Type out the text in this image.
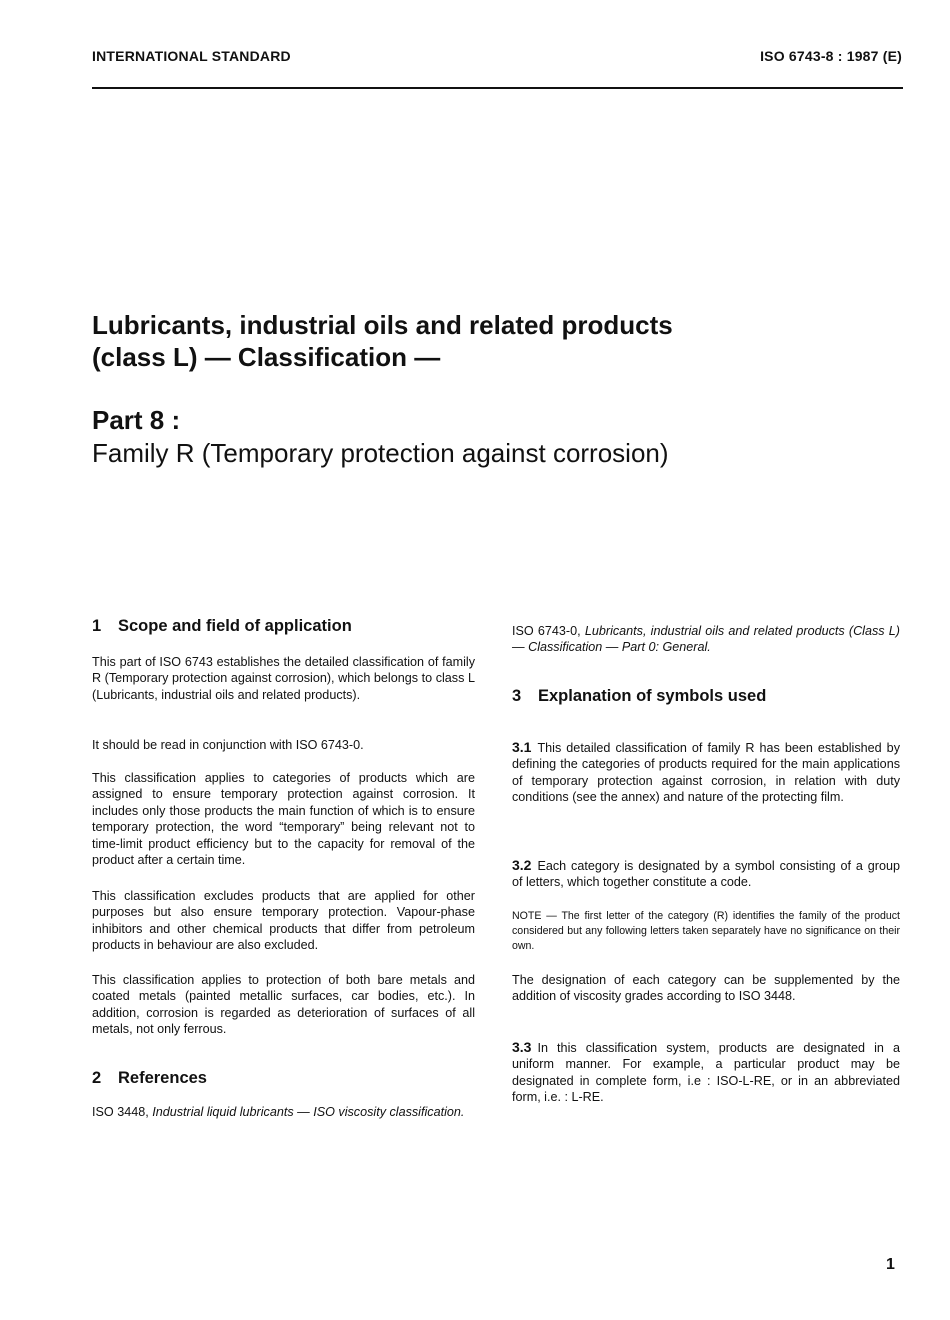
INTERNATIONAL STANDARD	ISO 6743-8 : 1987 (E)
Lubricants, industrial oils and related products
(class L) — Classification —
Part 8 :
Family R (Temporary protection against corrosion)
1 Scope and field of application
This part of ISO 6743 establishes the detailed classification of family R (Temporary protection against corrosion), which belongs to class L (Lubricants, industrial oils and related products).
It should be read in conjunction with ISO 6743-0.
This classification applies to categories of products which are assigned to ensure temporary protection against corrosion. It includes only those products the main function of which is to ensure temporary protection, the word “temporary” being relevant not to time-limit product efficiency but to the capacity for removal of the product after a certain time.
This classification excludes products that are applied for other purposes but also ensure temporary protection. Vapour-phase inhibitors and other chemical products that differ from petroleum products in behaviour are also excluded.
This classification applies to protection of both bare metals and coated metals (painted metallic surfaces, car bodies, etc.). In addition, corrosion is regarded as deterioration of surfaces of all metals, not only ferrous.
2 References
ISO 3448, Industrial liquid lubricants — ISO viscosity classification.
ISO 6743-0, Lubricants, industrial oils and related products (Class L) — Classification — Part 0: General.
3 Explanation of symbols used
3.1 This detailed classification of family R has been established by defining the categories of products required for the main applications of temporary protection against corrosion, in relation with duty conditions (see the annex) and nature of the protecting film.
3.2 Each category is designated by a symbol consisting of a group of letters, which together constitute a code.
NOTE — The first letter of the category (R) identifies the family of the product considered but any following letters taken separately have no significance on their own.
The designation of each category can be supplemented by the addition of viscosity grades according to ISO 3448.
3.3 In this classification system, products are designated in a uniform manner. For example, a particular product may be designated in complete form, i.e : ISO-L-RE, or in an abbreviated form, i.e. : L-RE.
1
